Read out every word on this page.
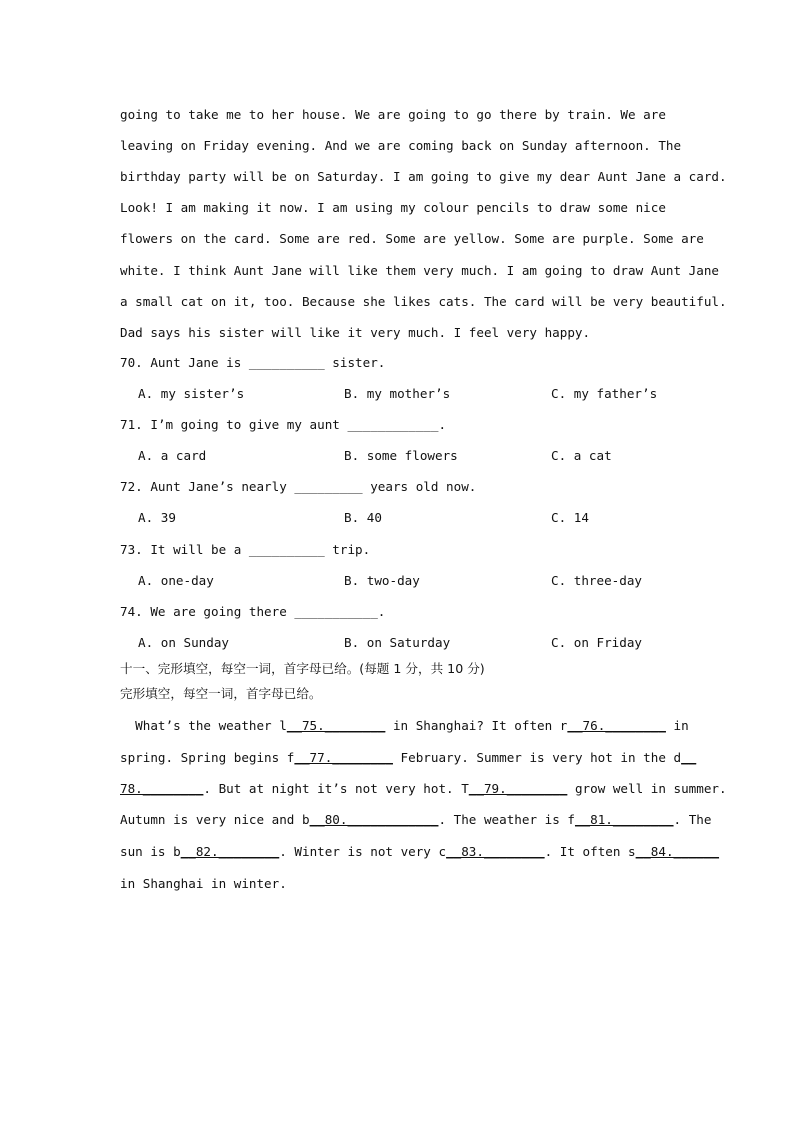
going to take me to her house. We are going to go there by train. We are
leaving on Friday evening. And we are coming back on Sunday afternoon. The
birthday party will be on Saturday. I am going to give my dear Aunt Jane a card.
Look! I am making it now. I am using my colour pencils to draw some nice
flowers on the card. Some are red. Some are yellow. Some are purple. Some are
white. I think Aunt Jane will like them very much. I am going to draw Aunt Jane
a small cat on it, too. Because she likes cats. The card will be very beautiful.
Dad says his sister will like it very much. I feel very happy.
70. Aunt Jane is __________ sister.
A. my sister’s	B. my mother’s	C. my father’s
71. I’m going to give my aunt ____________.
A. a card	B. some flowers	C. a cat
72. Aunt Jane’s nearly _________ years old now.
A. 39	B. 40	C. 14
73. It will be a __________ trip.
A. one-day	B. two-day	C. three-day
74. We are going there ___________.
A. on Sunday	B. on Saturday	C. on Friday
十一、完形填空，每空一词，首字母已给。(每题 1 分，共 10 分)
完形填空，每空一词，首字母已给。
What’s the weather l__75.________ in Shanghai? It often r__76.________ in
spring. Spring begins f__77.________ February. Summer is very hot in the d__
78.________. But at night it’s not very hot. T__79.________ grow well in summer.
Autumn is very nice and b__80.____________. The weather is f__81.________. The
sun is b__82.________. Winter is not very c__83.________. It often s__84.______
in Shanghai in winter.
